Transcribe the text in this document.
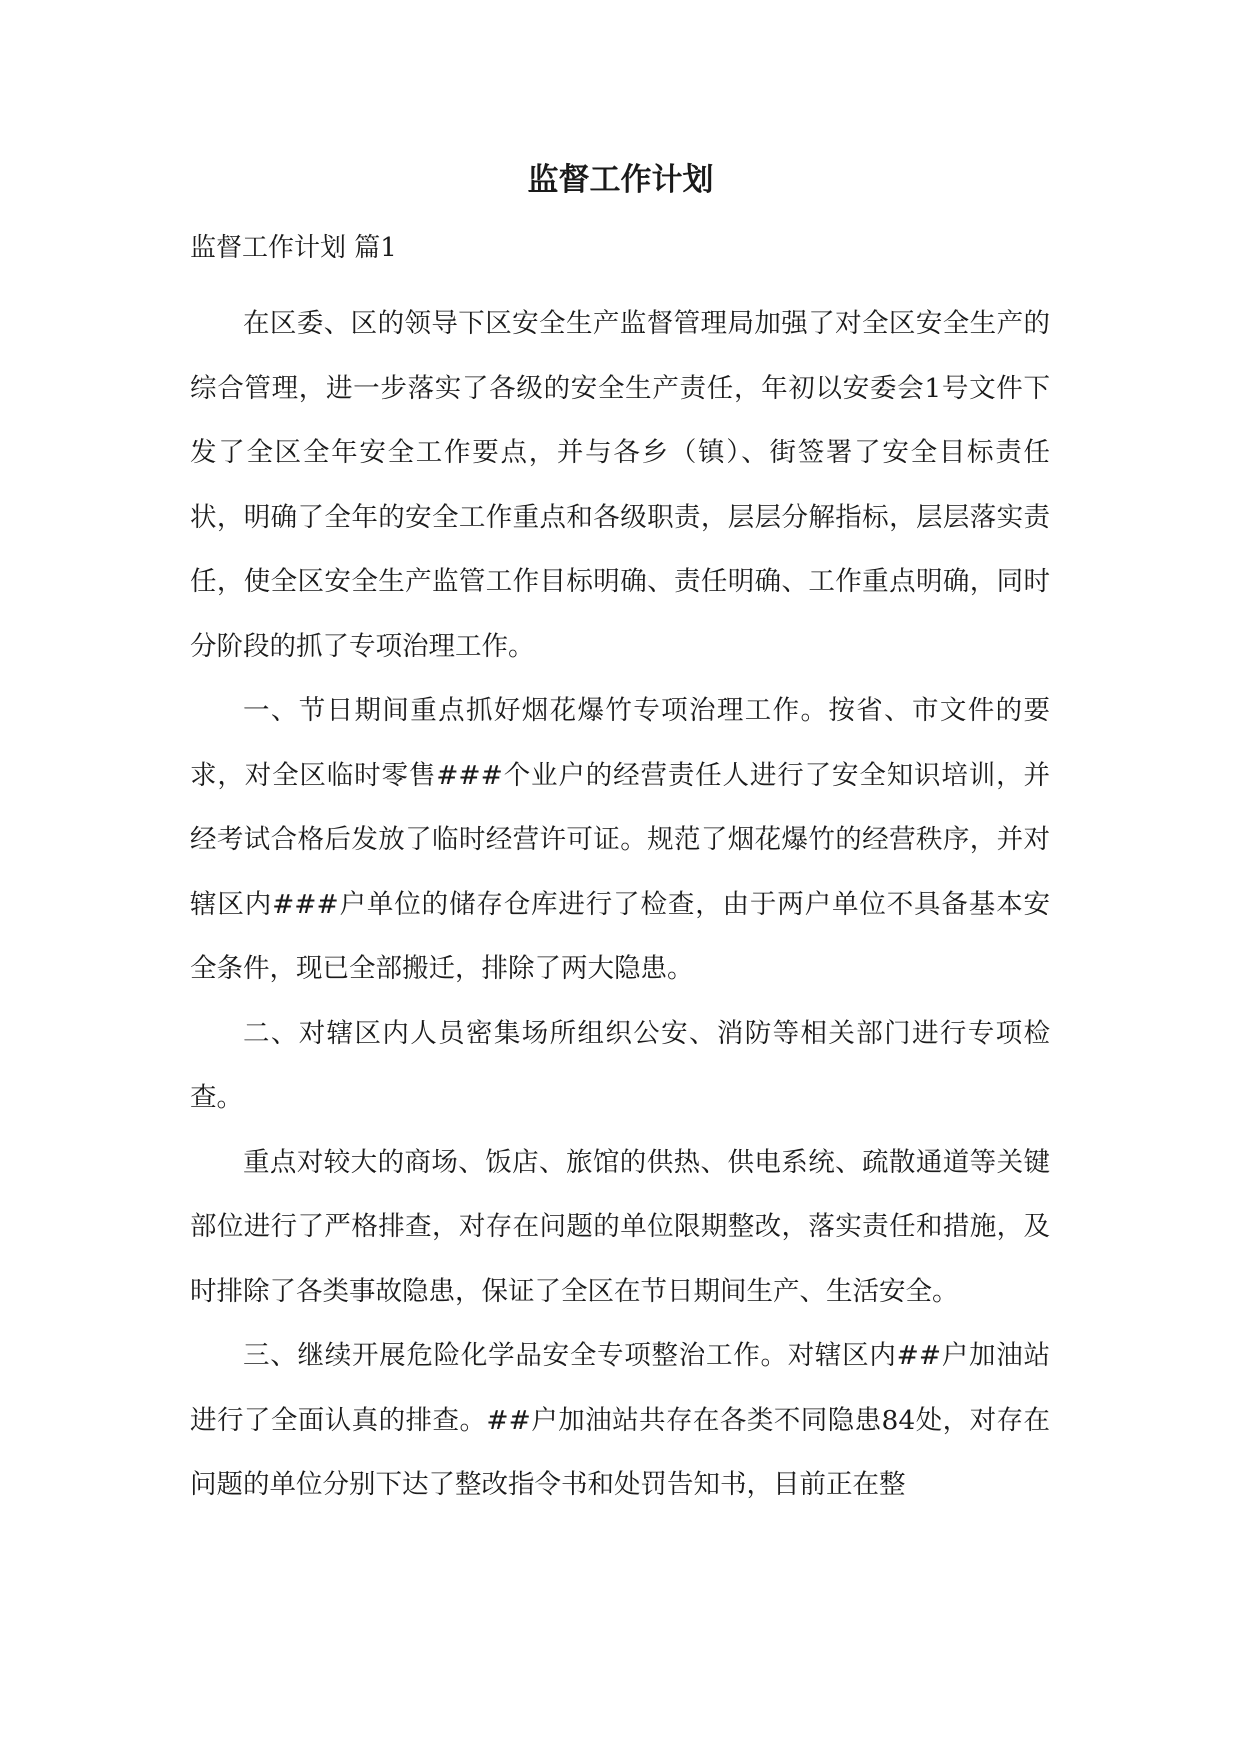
监督工作计划

监督工作计划 篇1

在区委、区的领导下区安全生产监督管理局加强了对全区安全生产的综合管理，进一步落实了各级的安全生产责任，年初以安委会1号文件下发了全区全年安全工作要点，并与各乡（镇）、街签署了安全目标责任状，明确了全年的安全工作重点和各级职责，层层分解指标，层层落实责任，使全区安全生产监管工作目标明确、责任明确、工作重点明确，同时分阶段的抓了专项治理工作。

一、节日期间重点抓好烟花爆竹专项治理工作。按省、市文件的要求，对全区临时零售###个业户的经营责任人进行了安全知识培训，并经考试合格后发放了临时经营许可证。规范了烟花爆竹的经营秩序，并对辖区内###户单位的储存仓库进行了检查，由于两户单位不具备基本安全条件，现已全部搬迁，排除了两大隐患。

二、对辖区内人员密集场所组织公安、消防等相关部门进行专项检查。

重点对较大的商场、饭店、旅馆的供热、供电系统、疏散通道等关键部位进行了严格排查，对存在问题的单位限期整改，落实责任和措施，及时排除了各类事故隐患，保证了全区在节日期间生产、生活安全。

三、继续开展危险化学品安全专项整治工作。对辖区内##户加油站进行了全面认真的排查。##户加油站共存在各类不同隐患84处，对存在问题的单位分别下达了整改指令书和处罚告知书，目前正在整
